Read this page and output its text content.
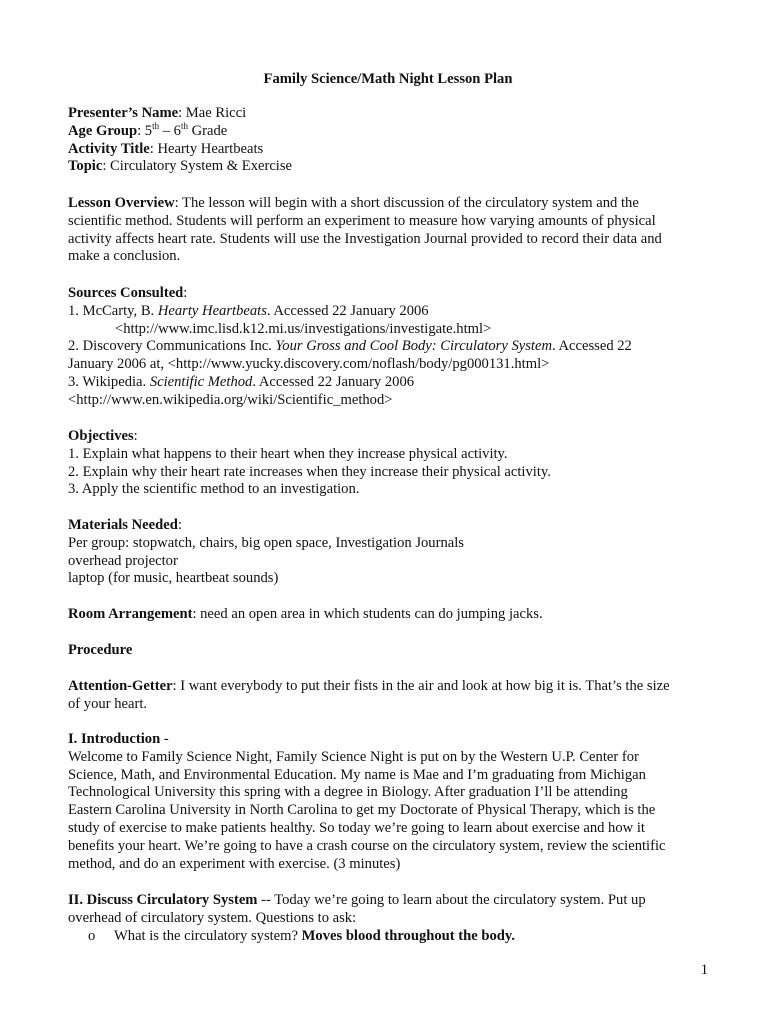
Family Science/Math Night Lesson Plan
Presenter’s Name: Mae Ricci
Age Group: 5th – 6th Grade
Activity Title: Hearty Heartbeats
Topic: Circulatory System & Exercise
Lesson Overview: The lesson will begin with a short discussion of the circulatory system and the
scientific method. Students will perform an experiment to measure how varying amounts of physical
activity affects heart rate. Students will use the Investigation Journal provided to record their data and
make a conclusion.
Sources Consulted:
1. McCarty, B. Hearty Heartbeats. Accessed 22 January 2006
<http://www.imc.lisd.k12.mi.us/investigations/investigate.html>
2. Discovery Communications Inc. Your Gross and Cool Body: Circulatory System. Accessed 22
January 2006 at, <http://www.yucky.discovery.com/noflash/body/pg000131.html>
3. Wikipedia. Scientific Method. Accessed 22 January 2006
<http://www.en.wikipedia.org/wiki/Scientific_method>
Objectives:
1. Explain what happens to their heart when they increase physical activity.
2. Explain why their heart rate increases when they increase their physical activity.
3. Apply the scientific method to an investigation.
Materials Needed:
Per group: stopwatch, chairs, big open space, Investigation Journals
overhead projector
laptop (for music, heartbeat sounds)
Room Arrangement: need an open area in which students can do jumping jacks.
Procedure
Attention-Getter: I want everybody to put their fists in the air and look at how big it is. That’s the size
of your heart.
I. Introduction -
Welcome to Family Science Night, Family Science Night is put on by the Western U.P. Center for
Science, Math, and Environmental Education. My name is Mae and I’m graduating from Michigan
Technological University this spring with a degree in Biology. After graduation I’ll be attending
Eastern Carolina University in North Carolina to get my Doctorate of Physical Therapy, which is the
study of exercise to make patients healthy. So today we’re going to learn about exercise and how it
benefits your heart. We’re going to have a crash course on the circulatory system, review the scientific
method, and do an experiment with exercise. (3 minutes)
II. Discuss Circulatory System -- Today we’re going to learn about the circulatory system. Put up
overhead of circulatory system. Questions to ask:
o What is the circulatory system? Moves blood throughout the body.
1
